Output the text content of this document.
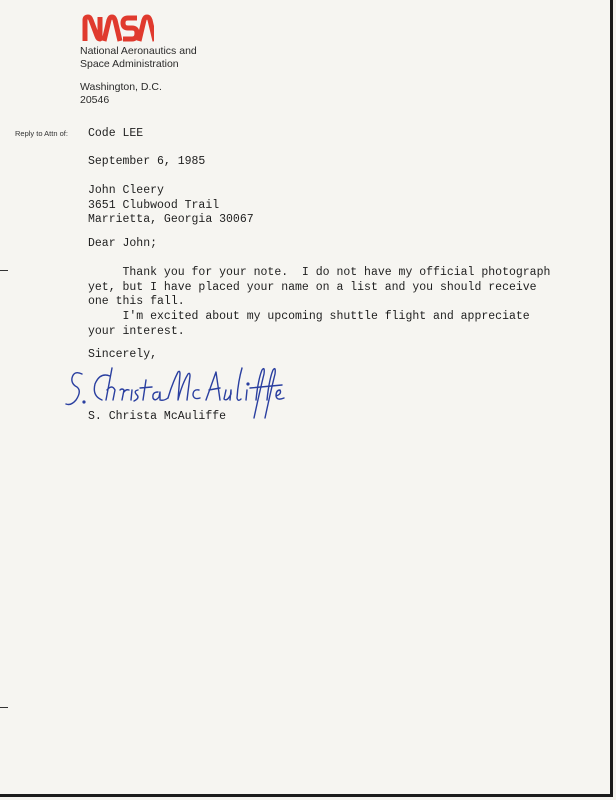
National Aeronautics and
Space Administration
Washington, D.C.
20546
Reply to Attn of: Code LEE
September 6, 1985
John Cleery
3651 Clubwood Trail
Marrietta, Georgia 30067
Dear John;
Thank you for your note.  I do not have my official photograph
yet, but I have placed your name on a list and you should receive
one this fall.
I'm excited about my upcoming shuttle flight and appreciate
your interest.
Sincerely,
S. Christa McAuliffe
